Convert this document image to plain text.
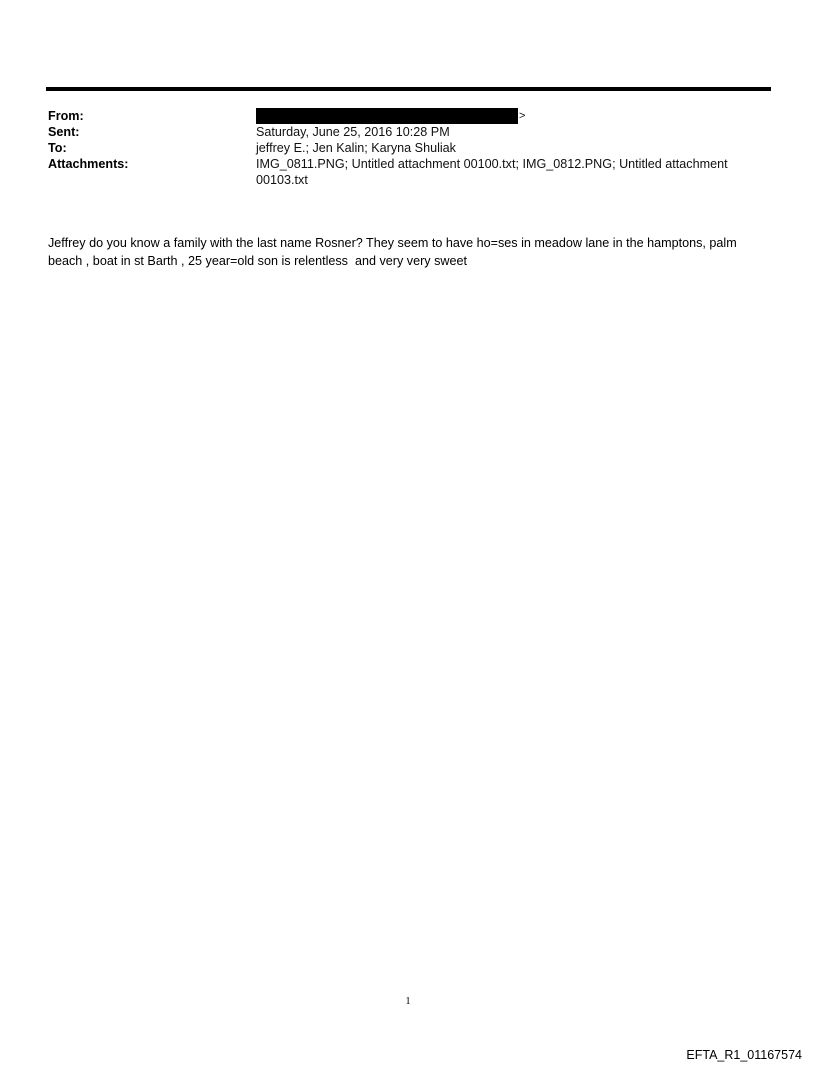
From:	>
Sent:	Saturday, June 25, 2016 10:28 PM
To:	jeffrey E.; Jen Kalin; Karyna Shuliak
Attachments:	IMG_0811.PNG; Untitled attachment 00100.txt; IMG_0812.PNG; Untitled attachment 00103.txt
Jeffrey do you know a family with the last name Rosner? They seem to have ho=ses in meadow lane in the hamptons, palm beach , boat in st Barth , 25 year=old son is relentless  and very very sweet
1
EFTA_R1_01167574
